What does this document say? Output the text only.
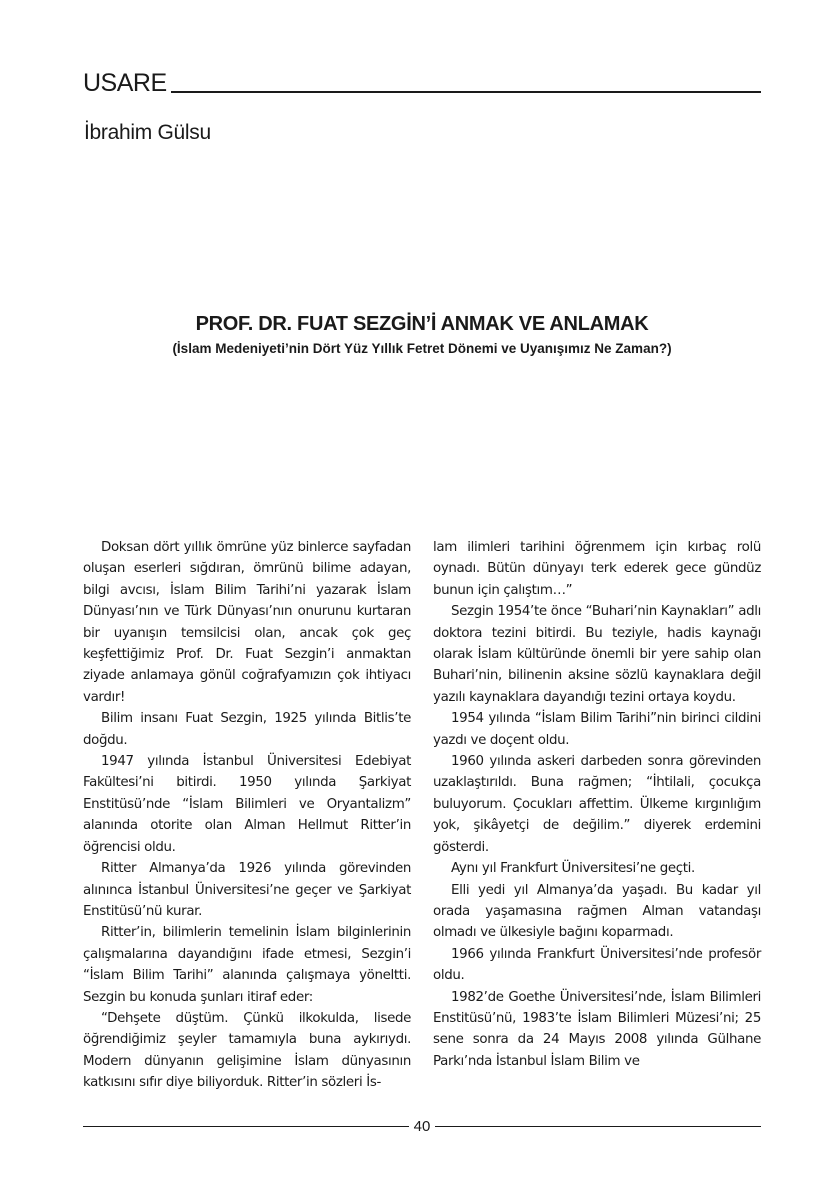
USARE
İbrahim Gülsu
PROF. DR. FUAT SEZGİN’İ ANMAK VE ANLAMAK
(İslam Medeniyeti’nin Dört Yüz Yıllık Fetret Dönemi ve Uyanışımız Ne Zaman?)

Doksan dört yıllık ömrüne yüz binlerce sayfadan oluşan eserleri sığdıran, ömrünü bilime adayan, bilgi avcısı, İslam Bilim Tarihi’ni yazarak İslam Dünyası’nın ve Türk Dünyası’nın onurunu kurtaran bir uyanışın temsilcisi olan, ancak çok geç keşfettiğimiz Prof. Dr. Fuat Sezgin’i anmaktan ziyade anlamaya gönül coğrafyamızın çok ihtiyacı vardır!

Bilim insanı Fuat Sezgin, 1925 yılında Bitlis’te doğdu.

1947 yılında İstanbul Üniversitesi Edebiyat Fakültesi’ni bitirdi. 1950 yılında Şarkiyat Enstitüsü’nde “İslam Bilimleri ve Oryantalizm” alanında otorite olan Alman Hellmut Ritter’in öğrencisi oldu.

Ritter Almanya’da 1926 yılında görevinden alınınca İstanbul Üniversitesi’ne geçer ve Şarkiyat Enstitüsü’nü kurar.

Ritter’in, bilimlerin temelinin İslam bilginlerinin çalışmalarına dayandığını ifade etmesi, Sezgin’i “İslam Bilim Tarihi” alanında çalışmaya yöneltti. Sezgin bu konuda şunları itiraf eder:

“Dehşete düştüm. Çünkü ilkokulda, lisede öğrendiğimiz şeyler tamamıyla buna aykırıydı. Modern dünyanın gelişimine İslam dünyasının katkısını sıfır diye biliyorduk. Ritter’in sözleri İs-

lam ilimleri tarihini öğrenmem için kırbaç rolü oynadı. Bütün dünyayı terk ederek gece gündüz bunun için çalıştım…”

Sezgin 1954’te önce “Buhari’nin Kaynakları” adlı doktora tezini bitirdi. Bu teziyle, hadis kaynağı olarak İslam kültüründe önemli bir yere sahip olan Buhari’nin, bilinenin aksine sözlü kaynaklara değil yazılı kaynaklara dayandığı tezini ortaya koydu.

1954 yılında “İslam Bilim Tarihi”nin birinci cildini yazdı ve doçent oldu.

1960 yılında askeri darbeden sonra görevinden uzaklaştırıldı. Buna rağmen; “İhtilali, çocukça buluyorum. Çocukları affettim. Ülkeme kırgınlığım yok, şikâyetçi de değilim.” diyerek erdemini gösterdi.

Aynı yıl Frankfurt Üniversitesi’ne geçti.

Elli yedi yıl Almanya’da yaşadı. Bu kadar yıl orada yaşamasına rağmen Alman vatandaşı olmadı ve ülkesiyle bağını koparmadı.

1966 yılında Frankfurt Üniversitesi’nde profesör oldu.

1982’de Goethe Üniversitesi’nde, İslam Bilimleri Enstitüsü’nü, 1983’te İslam Bilimleri Müzesi’ni; 25 sene sonra da 24 Mayıs 2008 yılında Gülhane Parkı’nda İstanbul İslam Bilim ve

40
